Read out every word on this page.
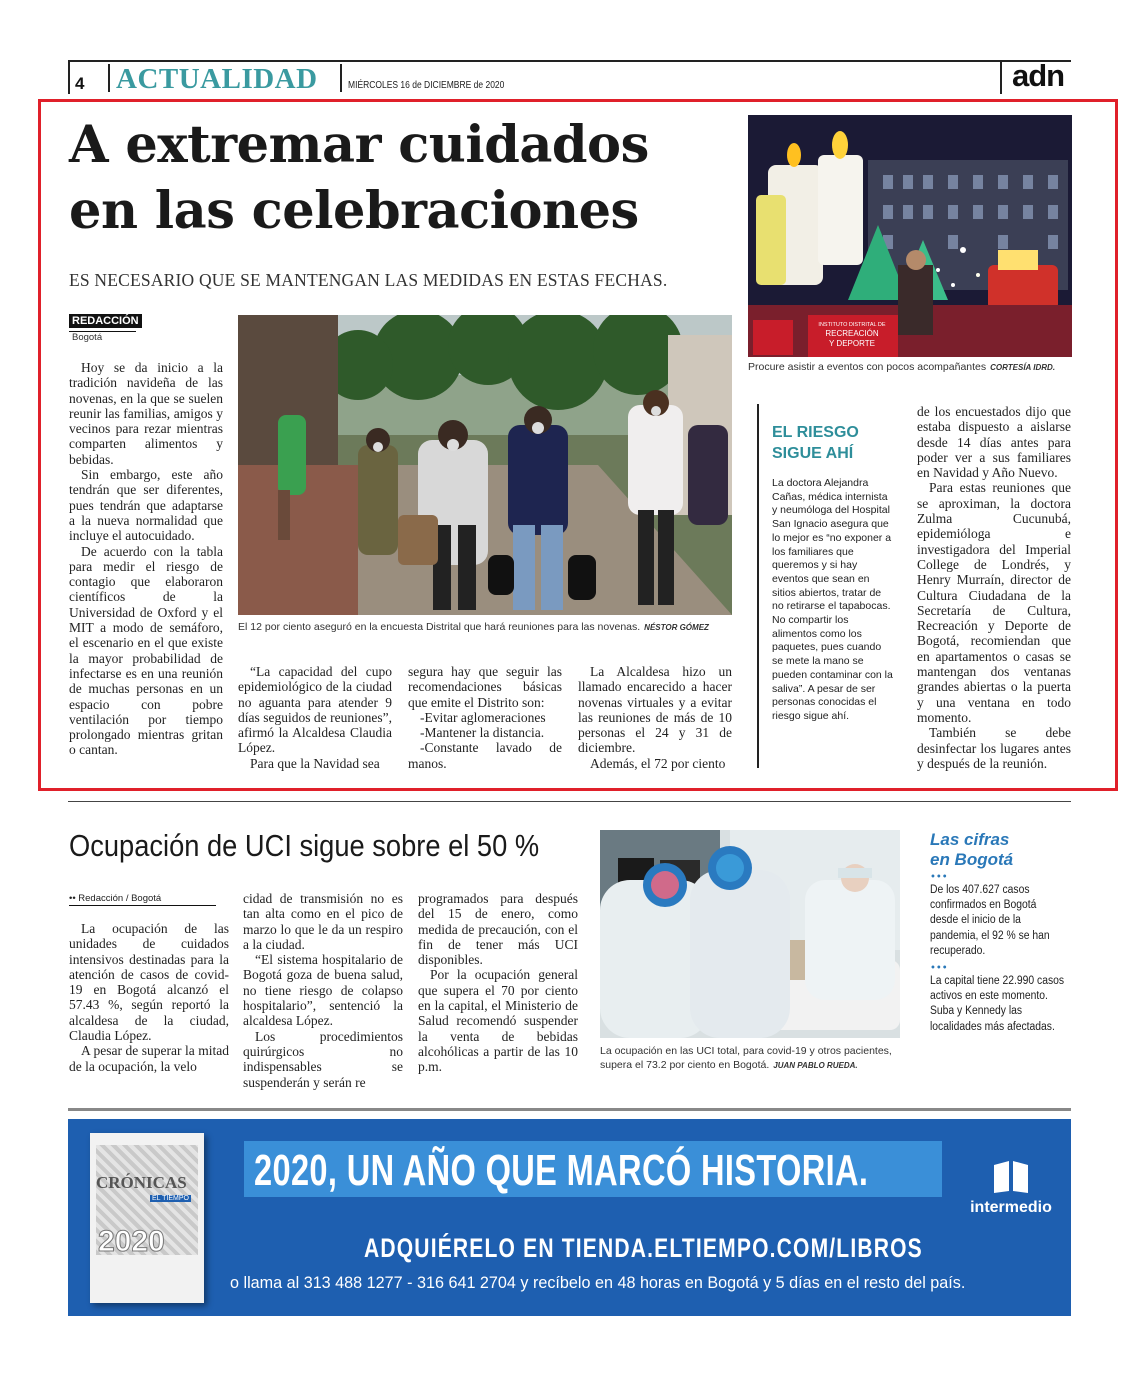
4 ACTUALIDAD	MIÉRCOLES 16 de DICIEMBRE de 2020	adn
A extremar cuidados
en las celebraciones
ES NECESARIO QUE SE MANTENGAN LAS MEDIDAS EN ESTAS FECHAS.
INSTITUTO DISTRITAL DE
RECREACIÓN
Y DEPORTE
Procure asistir a eventos con pocos acompañantes CORTESÍA IDRD.
REDACCIÓN
Bogotá
El 12 por ciento aseguró en la encuesta Distrital que hará reuniones para las novenas. NÉSTOR GÓMEZ

Hoy se da inicio a la tradición navideña de las novenas, en la que se suelen reunir las familias, amigos y vecinos para rezar mientras comparten alimentos y bebidas.

Sin embargo, este año tendrán que ser diferentes, pues tendrán que adaptarse a la nueva normalidad que incluye el autocuidado.

De acuerdo con la tabla para medir el riesgo de contagio que elaboraron científicos de la Universidad de Oxford y el MIT a modo de semáforo, el escenario en el que existe la mayor probabilidad de infectarse es en una reunión de muchas personas en un espacio con pobre ventilación por tiempo prolongado mientras gritan o cantan.

“La capacidad del cupo epidemiológico de la ciudad no aguanta para atender 9 días seguidos de reuniones”, afirmó la Alcaldesa Claudia López.

Para que la Navidad sea

segura hay que seguir las recomendaciones básicas que emite el Distrito son:

-Evitar aglomeraciones

-Mantener la distancia.

-Constante lavado de manos.

La Alcaldesa hizo un llamado encarecido a hacer novenas virtuales y a evitar las reuniones de más de 10 personas el 24 y 31 de diciembre.

Además, el 72 por ciento

EL RIESGO
SIGUE AHÍ
La doctora Alejandra Cañas, médica internista y neumóloga del Hospital San Ignacio asegura que lo mejor es “no exponer a los familiares que queremos y si hay eventos que sean en sitios abiertos, tratar de no retirarse el tapabocas. No compartir los alimentos como los paquetes, pues cuando se mete la mano se pueden contaminar con la saliva”. A pesar de ser personas conocidas el riesgo sigue ahí.

de los encuestados dijo que estaba dispuesto a aislarse desde 14 días antes para poder ver a sus familiares en Navidad y Año Nuevo.

Para estas reuniones que se aproximan, la doctora Zulma Cucunubá, epidemióloga e investigadora del Imperial College de Londrés, y Henry Murraín, director de Cultura Ciudadana de la Secretaría de Cultura, Recreación y Deporte de Bogotá, recomiendan que en apartamentos o casas se mantengan dos ventanas grandes abiertas o la puerta y una ventana en todo momento.

También se debe desinfectar los lugares antes y después de la reunión.

Ocupación de UCI sigue sobre el 50 %
•• Redacción / Bogotá

La ocupación de las unidades de cuidados intensivos destinadas para la atención de casos de covid-19 en Bogotá alcanzó el 57.43 %, según reportó la alcaldesa de la ciudad, Claudia López.

A pesar de superar la mitad de la ocupación, la velo

cidad de transmisión no es tan alta como en el pico de marzo lo que le da un respiro a la ciudad.

“El sistema hospitalario de Bogotá goza de buena salud, no tiene riesgo de colapso hospitalario”, sentenció la alcaldesa López.

Los procedimientos quirúrgicos no indispensables se suspenderán y serán re

programados para después del 15 de enero, como medida de precaución, con el fin de tener más UCI disponibles.

Por la ocupación general que supera el 70 por ciento en la capital, el Ministerio de Salud recomendó suspender la venta de bebidas alcohólicas a partir de las 10 p.m.

La ocupación en las UCI total, para covid-19 y otros pacientes, supera el 73.2 por ciento en Bogotá. JUAN PABLO RUEDA.
Las cifras
en Bogotá
•••
De los 407.627 casos confirmados en Bogotá desde el inicio de la pandemia, el 92 % se han recuperado.
•••
La capital tiene 22.990 casos activos en este momento. Suba y Kennedy las localidades más afectadas.
CRÓNICAS
EL TIEMPO
2020
2020, UN AÑO QUE MARCÓ HISTORIA.
intermedio
ADQUIÉRELO EN TIENDA.ELTIEMPO.COM/LIBROS
o llama al 313 488 1277 - 316 641 2704 y recíbelo en 48 horas en Bogotá y 5 días en el resto del país.
